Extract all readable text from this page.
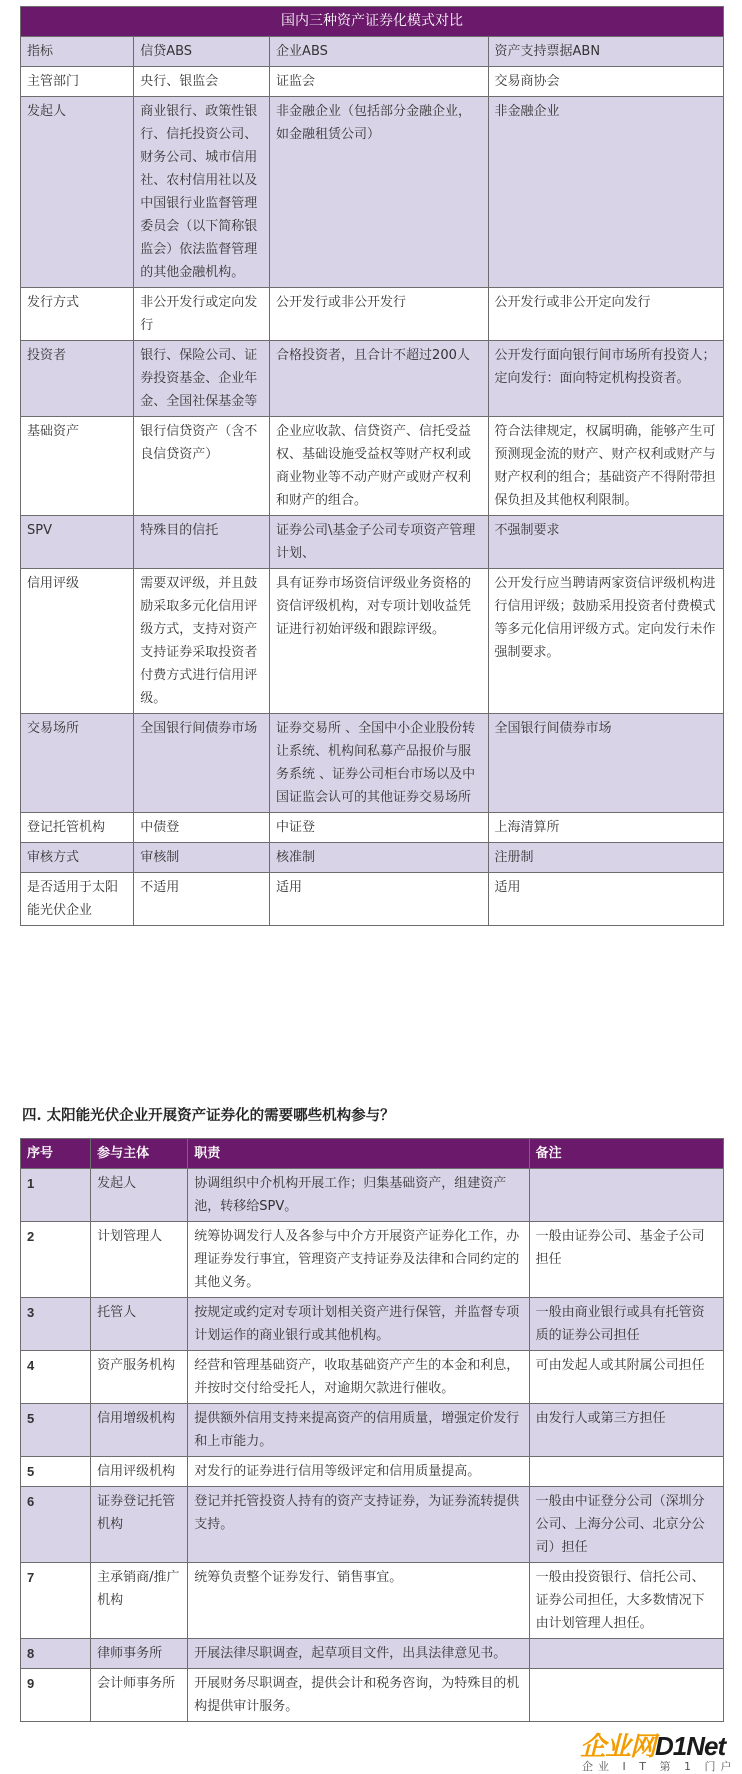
国内三种资产证券化模式对比			
指标	信贷ABS	企业ABS	资产支持票据ABN
主管部门	央行、银监会	证监会	交易商协会
发起人	商业银行、政策性银行、信托投资公司、财务公司、城市信用社、农村信用社以及中国银行业监督管理委员会（以下简称银监会）依法监督管理的其他金融机构。	非金融企业（包括部分金融企业，如金融租赁公司）	非金融企业
发行方式	非公开发行或定向发行	公开发行或非公开发行	公开发行或非公开定向发行
投资者	银行、保险公司、证券投资基金、企业年金、全国社保基金等	合格投资者，且合计不超过200人	公开发行面向银行间市场所有投资人；定向发行：面向特定机构投资者。
基础资产	银行信贷资产（含不良信贷资产）	企业应收款、信贷资产、信托受益权、基础设施受益权等财产权利或商业物业等不动产财产或财产权利和财产的组合。	符合法律规定，权属明确，能够产生可预测现金流的财产、财产权利或财产与财产权利的组合；基础资产不得附带担保负担及其他权利限制。
SPV	特殊目的信托	证券公司\基金子公司专项资产管理计划、	不强制要求
信用评级	需要双评级，并且鼓励采取多元化信用评级方式，支持对资产支持证券采取投资者付费方式进行信用评级。	具有证券市场资信评级业务资格的资信评级机构，对专项计划收益凭证进行初始评级和跟踪评级。	公开发行应当聘请两家资信评级机构进行信用评级；鼓励采用投资者付费模式等多元化信用评级方式。定向发行未作强制要求。
交易场所	全国银行间债券市场	证券交易所 、全国中小企业股份转让系统、机构间私募产品报价与服务系统 、证券公司柜台市场以及中国证监会认可的其他证券交易场所	全国银行间债券市场
登记托管机构	中债登	中证登	上海清算所
审核方式	审核制	核准制	注册制
是否适用于太阳能光伏企业	不适用	适用	适用
四. 太阳能光伏企业开展资产证券化的需要哪些机构参与？
序号	参与主体	职责	备注
1	发起人	协调组织中介机构开展工作；归集基础资产，组建资产池，转移给SPV。	
2	计划管理人	统筹协调发行人及各参与中介方开展资产证券化工作，办理证券发行事宜，管理资产支持证券及法律和合同约定的其他义务。	一般由证券公司、基金子公司担任
3	托管人	按规定或约定对专项计划相关资产进行保管，并监督专项计划运作的商业银行或其他机构。	一般由商业银行或具有托管资质的证券公司担任
4	资产服务机构	经营和管理基础资产，收取基础资产产生的本金和利息，并按时交付给受托人，对逾期欠款进行催收。	可由发起人或其附属公司担任
5	信用增级机构	提供额外信用支持来提高资产的信用质量，增强定价发行和上市能力。	由发行人或第三方担任
5	信用评级机构	对发行的证券进行信用等级评定和信用质量提高。	
6	证券登记托管机构	登记并托管投资人持有的资产支持证券，为证券流转提供支持。	一般由中证登分公司（深圳分公司、上海分公司、北京分公司）担任
7	主承销商/推广机构	统筹负责整个证券发行、销售事宜。	一般由投资银行、信托公司、证券公司担任，大多数情况下由计划管理人担任。
8	律师事务所	开展法律尽职调查，起草项目文件，出具法律意见书。	
9	会计师事务所	开展财务尽职调查，提供会计和税务咨询，为特殊目的机构提供审计服务。	
企业网D1Net
企业 I T 第 1 门户
